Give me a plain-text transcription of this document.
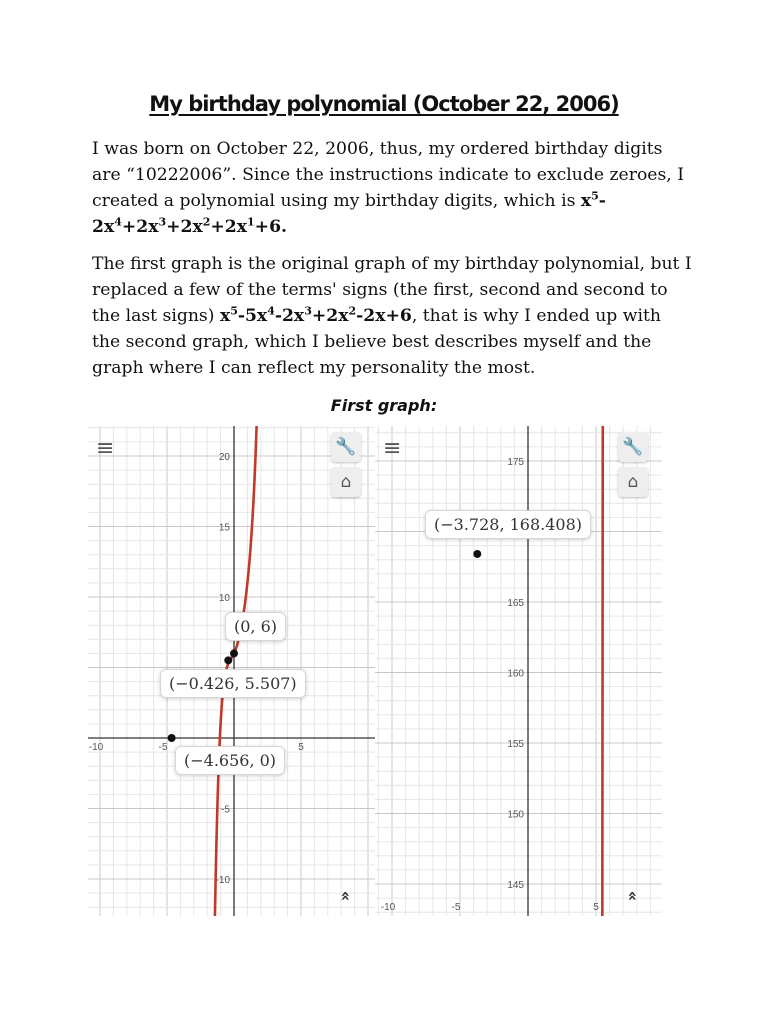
My birthday polynomial (October 22, 2006)

I was born on October 22, 2006, thus, my ordered birthday digits are “10222006”. Since the instructions indicate to exclude zeroes, I created a polynomial using my birthday digits, which is $x^5-2x^4+2x^3+2x^2+2x^1+6$.

The first graph is the original graph of my birthday polynomial, but I replaced a few of the terms' signs (the first, second and second to the last signs) $x^5-5x^4-2x^3+2x^2-2x+6$, that is why I ended up with the second graph, which I believe best describes myself and the graph where I can reflect my personality the most.

First graph:
-10	-5	5
20
15
10
-5
-10
≡	🔧
⌂
»
(0, 6)
(−0.426, 5.507)
(−4.656, 0)
-10	-5	5
175
165
160
155
150
145
≡	🔧
⌂
»
(−3.728, 168.408)
